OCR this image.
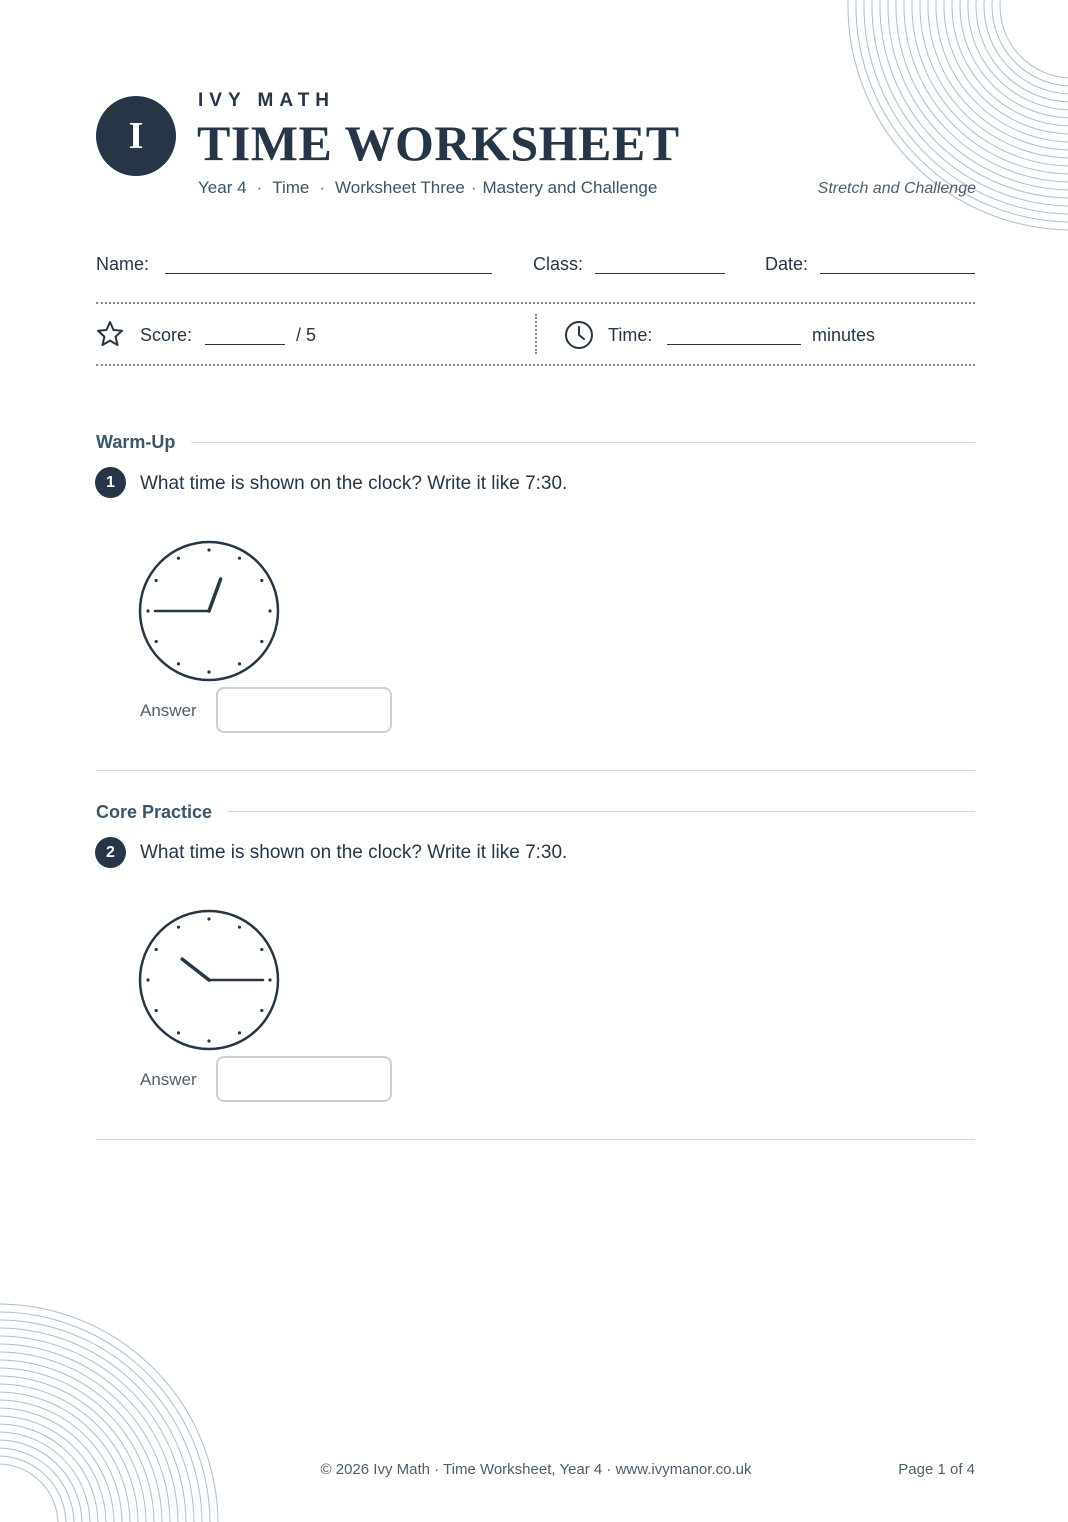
I
IVY MATH
TIME WORKSHEET
Year 4 · Time · Worksheet Three · Mastery and Challenge	Stretch and Challenge
Name:	Class:	Date:
Score:	/ 5	Time:	minutes
Warm-Up
1	What time is shown on the clock? Write it like 7:30.
Answer
Core Practice
2	What time is shown on the clock? Write it like 7:30.
Answer
© 2026 Ivy Math · Time Worksheet, Year 4 · www.ivymanor.co.uk	Page 1 of 4
